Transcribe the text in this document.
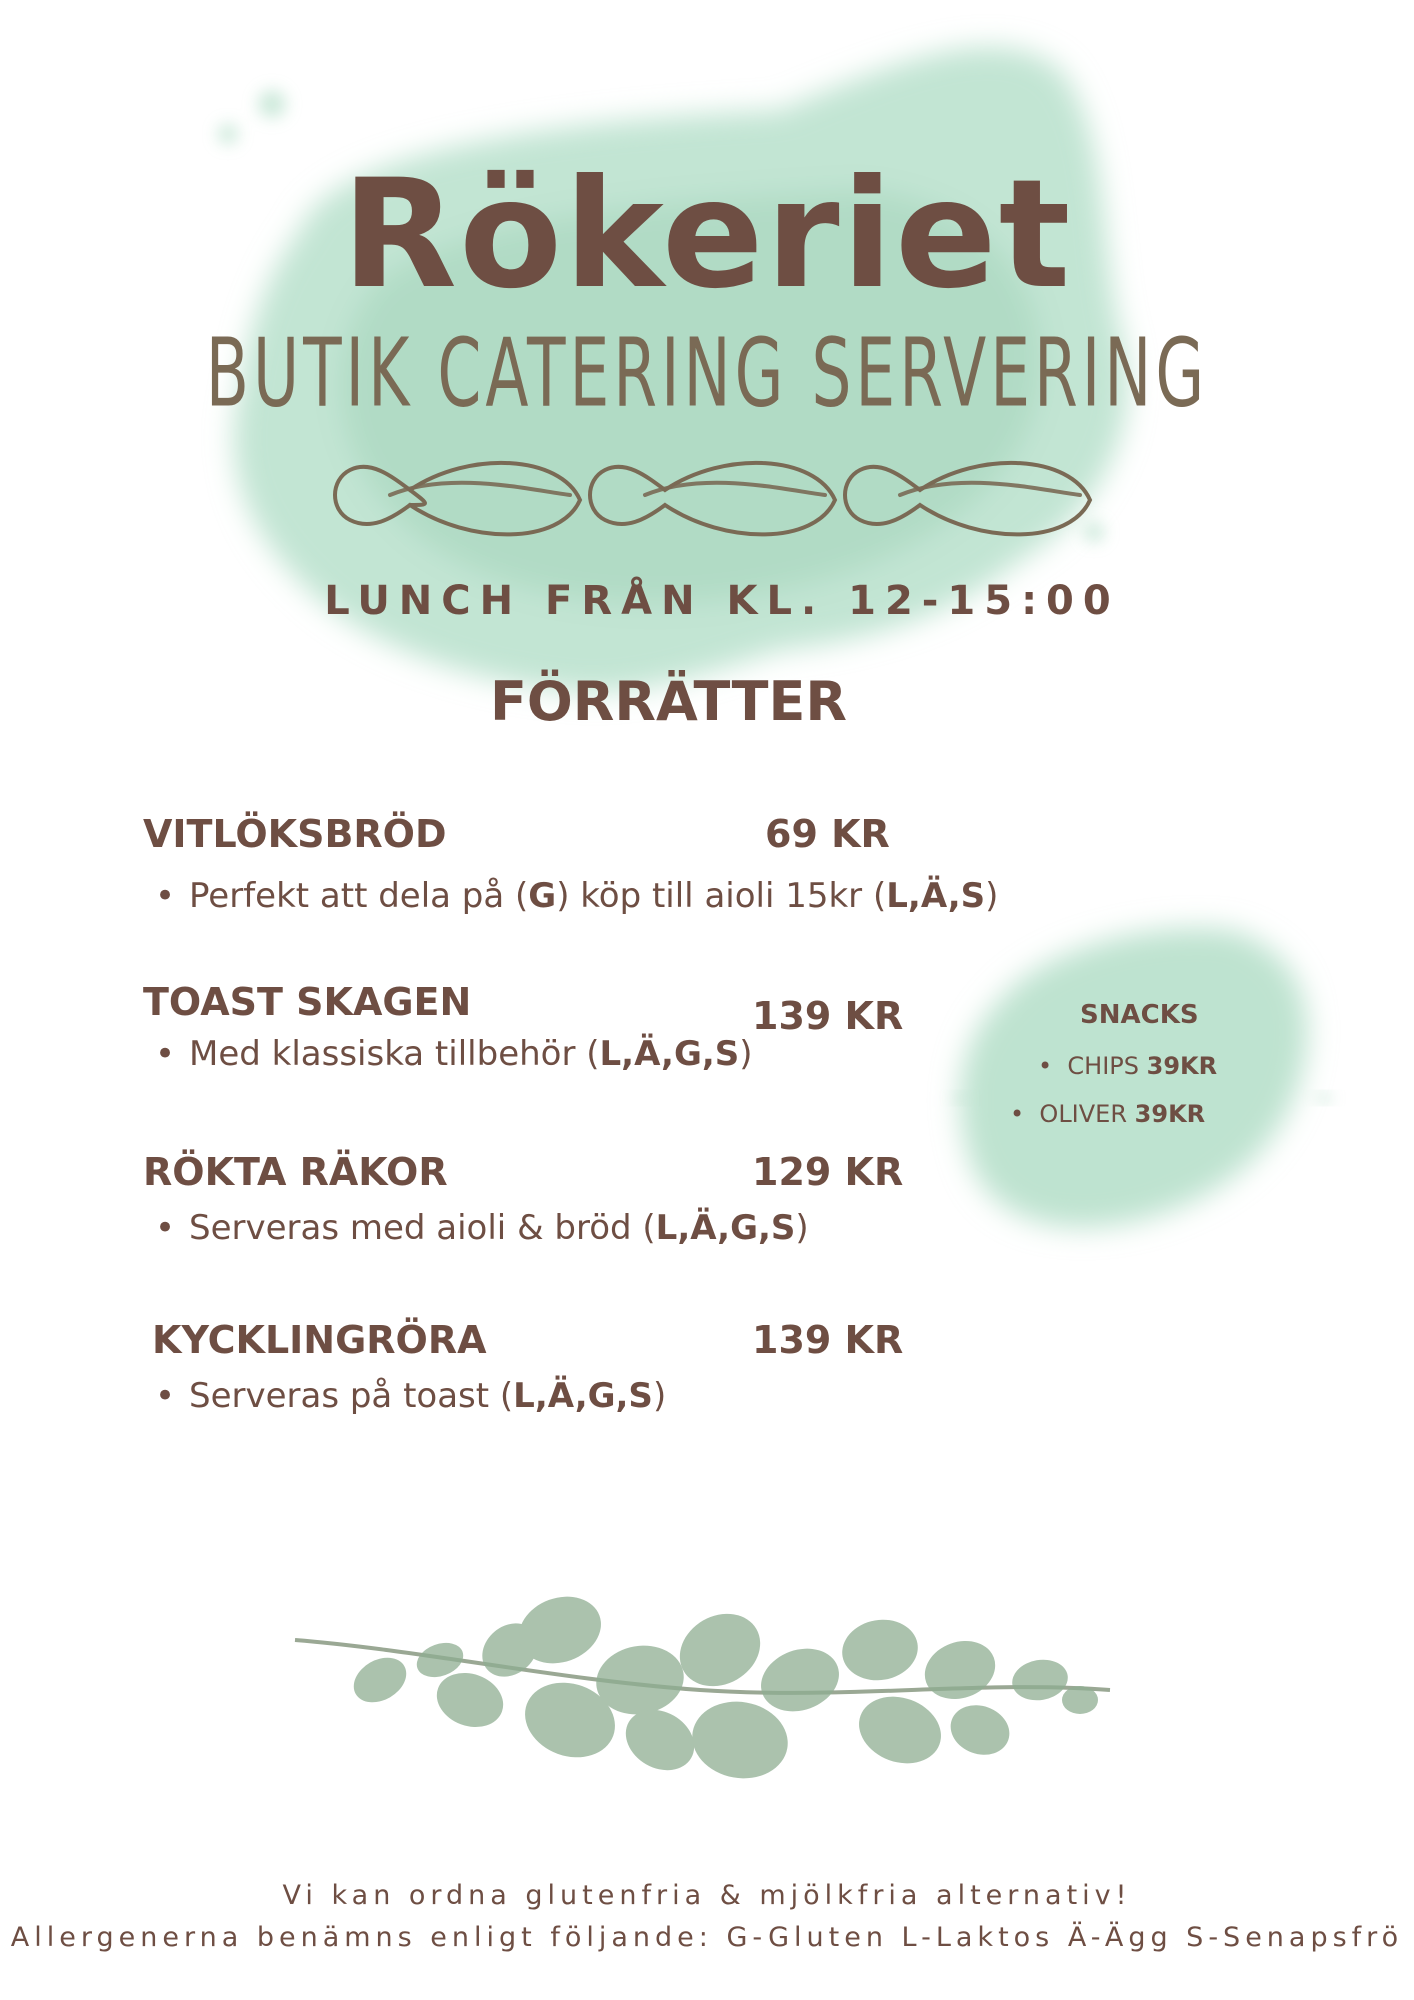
Rökeriet
BUTIK CATERING SERVERING
LUNCH FRÅN KL. 12-15:00
FÖRRÄTTER
VITLÖKSBRÖD	69 KR
• Perfekt att dela på (G) köp till aioli 15kr (L,Ä,S)
TOAST SKAGEN	139 KR
• Med klassiska tillbehör (L,Ä,G,S)
RÖKTA RÄKOR	129 KR
• Serveras med aioli & bröd (L,Ä,G,S)
KYCKLINGRÖRA	139 KR
• Serveras på toast (L,Ä,G,S)
SNACKS
•  CHIPS 39KR
•  OLIVER 39KR
Vi kan ordna glutenfria & mjölkfria alternativ!
Allergenerna benämns enligt följande: G-Gluten L-Laktos Ä-Ägg S-Senapsfrö
